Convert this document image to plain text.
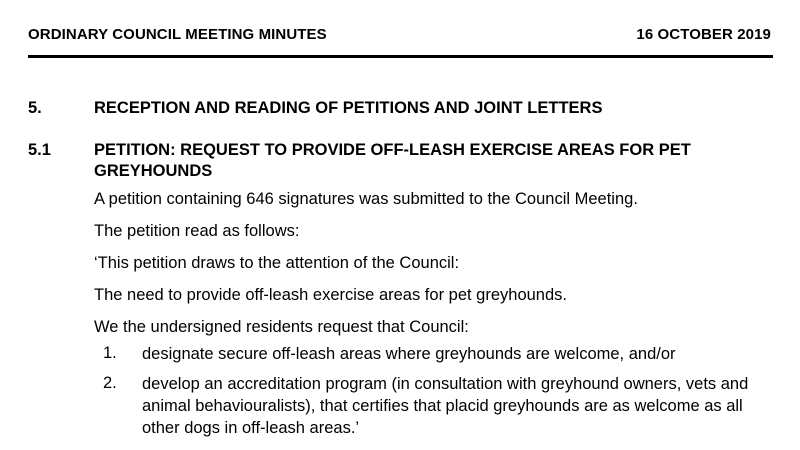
ORDINARY COUNCIL MEETING MINUTES	16 OCTOBER 2019
5.	RECEPTION AND READING OF PETITIONS AND JOINT LETTERS
5.1	PETITION: REQUEST TO PROVIDE OFF-LEASH EXERCISE AREAS FOR PET GREYHOUNDS
A petition containing 646 signatures was submitted to the Council Meeting.
The petition read as follows:
‘This petition draws to the attention of the Council:
The need to provide off-leash exercise areas for pet greyhounds.
We the undersigned residents request that Council:
1. designate secure off-leash areas where greyhounds are welcome, and/or
2. develop an accreditation program (in consultation with greyhound owners, vets and animal behaviouralists), that certifies that placid greyhounds are as welcome as all other dogs in off-leash areas.’
